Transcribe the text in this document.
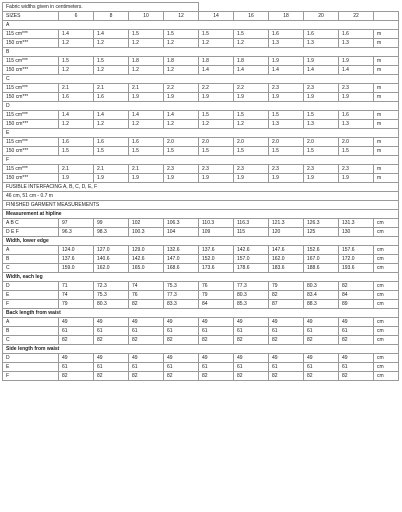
Fabric widths given in centimeters.										
SIZES	6	8	10	12	14	16	18	20	22	
A										
115 cm***	1.4	1.4	1.5	1.5	1.5	1.5	1.6	1.6	1.6	m
150 cm***	1.2	1.2	1.2	1.2	1.2	1.2	1.3	1.3	1.3	m
B										
115 cm***	1.5	1.5	1.8	1.8	1.8	1.8	1.9	1.9	1.9	m
150 cm***	1.2	1.2	1.2	1.2	1.4	1.4	1.4	1.4	1.4	m
C										
115 cm***	2.1	2.1	2.1	2.2	2.2	2.2	2.3	2.3	2.3	m
150 cm***	1.6	1.6	1.9	1.9	1.9	1.9	1.9	1.9	1.9	m
D										
115 cm***	1.4	1.4	1.4	1.4	1.5	1.5	1.5	1.5	1.6	m
150 cm***	1.2	1.2	1.2	1.2	1.2	1.2	1.3	1.3	1.3	m
E										
115 cm***	1.6	1.6	1.6	2.0	2.0	2.0	2.0	2.0	2.0	m
150 cm***	1.5	1.5	1.5	1.5	1.5	1.5	1.5	1.5	1.5	m
F										
115 cm***	2.1	2.1	2.1	2.3	2.3	2.3	2.3	2.3	2.3	m
150 cm***	1.9	1.9	1.9	1.9	1.9	1.9	1.9	1.9	1.9	m
FUSIBLE INTERFACING A, B, C, D, E, F										
46 cm, 51 cm - 0.7 m										
FINISHED GARMENT MEASUREMENTS										
Measurement at hipline										
A B C	97	99	102	106.3	110.3	116.3	121.3	126.3	131.3	cm
D E F	96.3	98.3	100.3	104	109	115	120	125	130	cm
Width, lower edge										
A	124.0	127.0	129.0	132.6	137.6	142.6	147.6	152.6	157.6	cm
B	137.6	140.6	142.6	147.0	152.0	157.0	162.0	167.0	172.0	cm
C	159.0	162.0	165.0	168.6	173.6	178.6	183.6	188.6	193.6	cm
Width, each leg										
D	71	72.3	74	75.3	76	77.3	79	80.3	82	cm
E	74	75.3	76	77.3	79	80.3	82	83.4	84	cm
F	79	80.3	82	83.3	84	85.3	87	88.3	89	cm
Back length from waist										
A	49	49	49	49	49	49	49	49	49	cm
B	61	61	61	61	61	61	61	61	61	cm
C	82	82	82	82	82	82	82	82	82	cm
Side length from waist										
D	49	49	49	49	49	49	49	49	49	cm
E	61	61	61	61	61	61	61	61	61	cm
F	82	82	82	82	82	82	82	82	82	cm
